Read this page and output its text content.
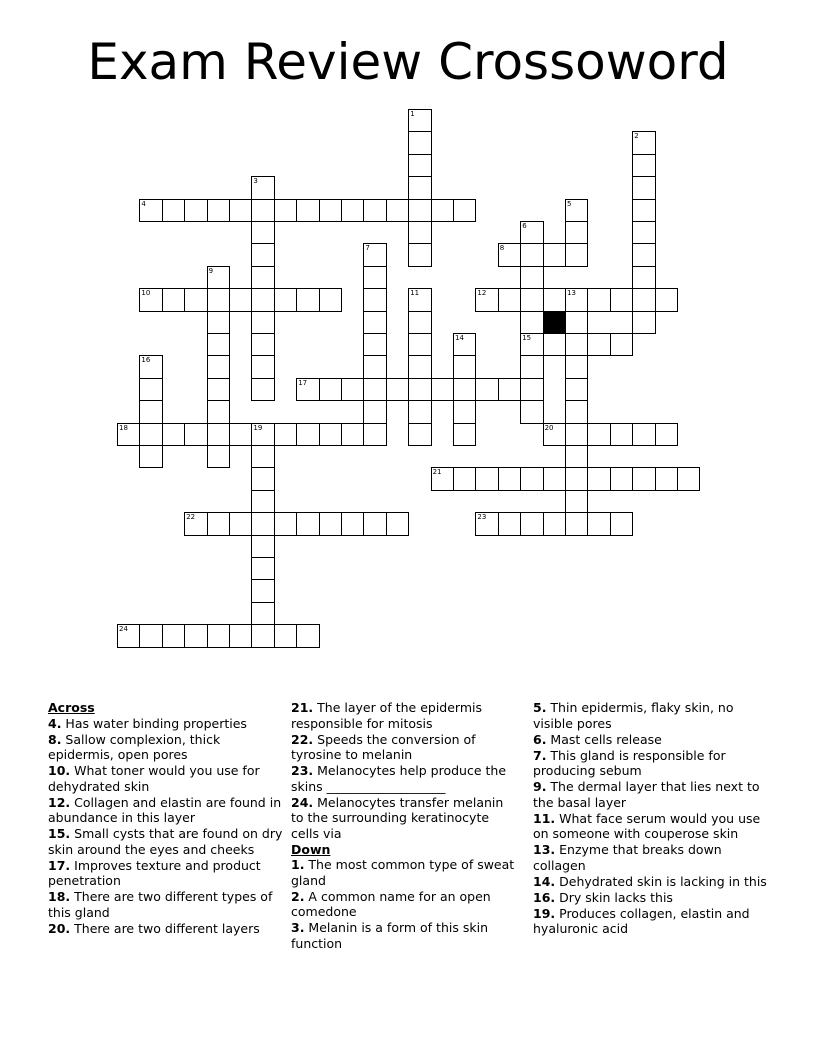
Exam Review Crossoword
1
2
3
4	5
6
7	8
9
10	11	12	13
14	15
16
17
18	19	20
21
22	23
24
Across
4. Has water binding properties
8. Sallow complexion, thick epidermis, open pores
10. What toner would you use for dehydrated skin
12. Collagen and elastin are found in abundance in this layer
15. Small cysts that are found on dry skin around the eyes and cheeks
17. Improves texture and product penetration
18. There are two different types of this gland
20. There are two different layers
21. The layer of the epidermis responsible for mitosis
22. Speeds the conversion of tyrosine to melanin
23. Melanocytes help produce the skins ___________________
24. Melanocytes transfer melanin to the surrounding keratinocyte cells via
Down
1. The most common type of sweat gland
2. A common name for an open comedone
3. Melanin is a form of this skin function
5. Thin epidermis, flaky skin, no visible pores
6. Mast cells release
7. This gland is responsible for producing sebum
9. The dermal layer that lies next to the basal layer
11. What face serum would you use on someone with couperose skin
13. Enzyme that breaks down collagen
14. Dehydrated skin is lacking in this
16. Dry skin lacks this
19. Produces collagen, elastin and hyaluronic acid
